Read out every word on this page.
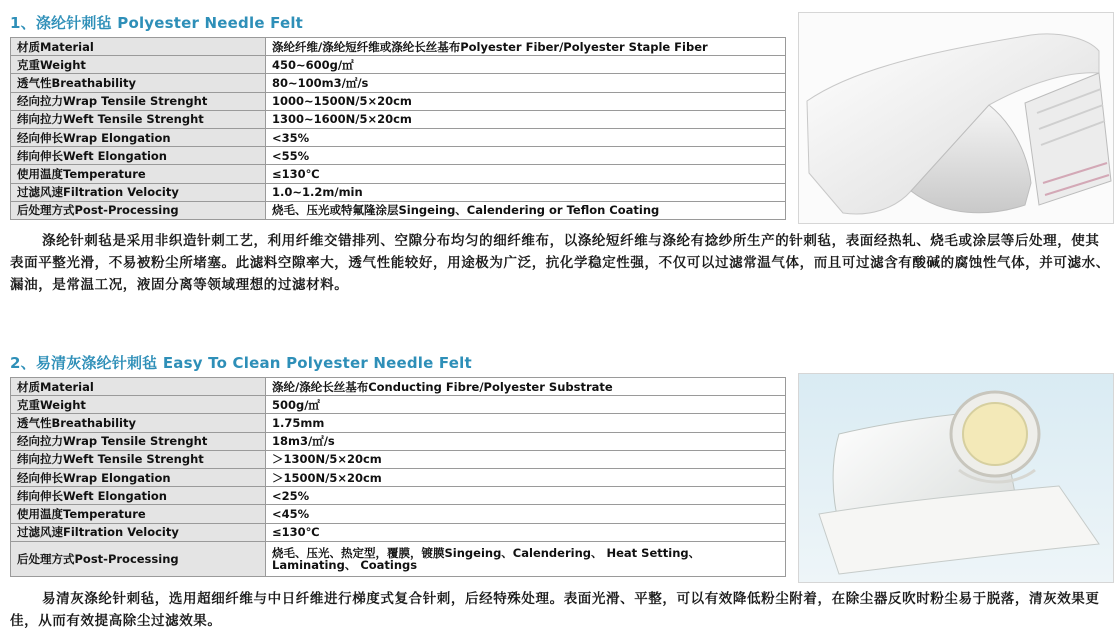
1、涤纶针刺毡 Polyester Needle Felt
材质Material	涤纶纤维/涤纶短纤维或涤纶长丝基布Polyester Fiber/Polyester Staple Fiber
克重Weight	450~600g/㎡
透气性Breathability	80~100m3/㎡/s
经向拉力Wrap Tensile Strenght	1000~1500N/5×20cm
纬向拉力Weft Tensile Strenght	1300~1600N/5×20cm
经向伸长Wrap Elongation	<35%
纬向伸长Weft Elongation	<55%
使用温度Temperature	≤130℃
过滤风速Filtration Velocity	1.0~1.2m/min
后处理方式Post-Processing	烧毛、压光或特氟隆涂层Singeing、Calendering or Teflon Coating
涤纶针刺毡是采用非织造针刺工艺，利用纤维交错排列、空隙分布均匀的细纤维布，以涤纶短纤维与涤纶有捻纱所生产的针刺毡，表面经热轧、烧毛或涂层等后处理，使其表面平整光滑，不易被粉尘所堵塞。此滤料空隙率大，透气性能较好，用途极为广泛，抗化学稳定性强，不仅可以过滤常温气体，而且可过滤含有酸碱的腐蚀性气体，并可滤水、漏油，是常温工况，液固分离等领域理想的过滤材料。
2、易清灰涤纶针刺毡 Easy To Clean Polyester Needle Felt
材质Material	涤纶/涤纶长丝基布Conducting Fibre/Polyester Substrate
克重Weight	500g/㎡
透气性Breathability	1.75mm
经向拉力Wrap Tensile Strenght	18m3/㎡/s
纬向拉力Weft Tensile Strenght	＞1300N/5×20cm
经向伸长Wrap Elongation	＞1500N/5×20cm
纬向伸长Weft Elongation	<25%
使用温度Temperature	<45%
过滤风速Filtration Velocity	≤130℃
后处理方式Post-Processing	烧毛、压光、热定型，覆膜，镀膜Singeing、Calendering、 Heat Setting、Laminating、 Coatings
易清灰涤纶针刺毡，选用超细纤维与中日纤维进行梯度式复合针刺，后经特殊处理。表面光滑、平整，可以有效降低粉尘附着，在除尘器反吹时粉尘易于脱落，清灰效果更佳，从而有效提高除尘过滤效果。
